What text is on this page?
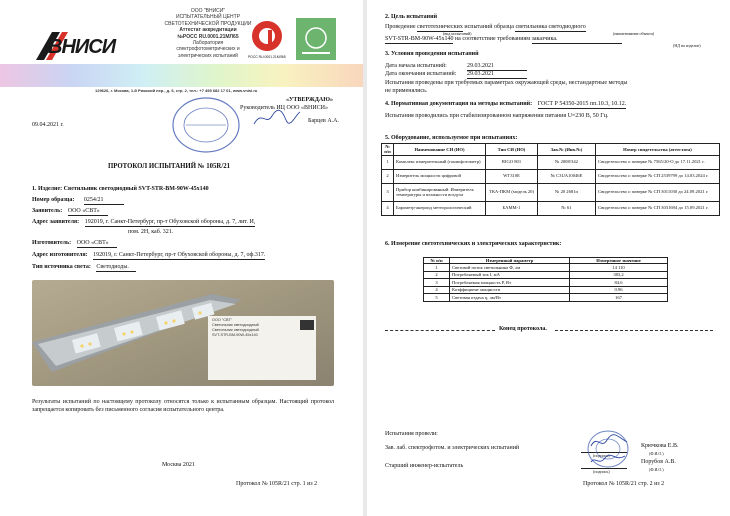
ВНИСИ
ООО "ВНИСИ"
ИСПЫТАТЕЛЬНЫЙ ЦЕНТР
СВЕТОТЕХНИЧЕСКОЙ ПРОДУКЦИИ
Аттестат аккредитации
№РОСС RU.0001.21МЛ65
Лаборатория
спектрофотометрических и
электрических испытаний	РОСС RU.0001.21МЛ65
129626, г. Москва, 1-й Рижский пер., д. 6, стр. 2, тел.: +7 495 682 17 01, www.vnisi.ru
«УТВЕРЖДАЮ»
Руководитель ИЦ ООО «ВНИСИ»
Барцев А.А.
09.04.2021 г.
ПРОТОКОЛ ИСПЫТАНИЙ № 105R/21
1. Изделие: Светильник светодиодный SVT-STR-BM-90W-45x140
Номер образца: 0254/21
Заявитель: ООО «СВТ»
Адрес заявителя: 192019, г. Санкт-Петербург, пр-т Обуховской обороны, д. 7, лит. И,
пом. 2Н, каб. 321.
Изготовитель: ООО «СВТ»
Адрес изготовителя: 192019, г. Санкт-Петербург, пр-т Обуховской обороны, д. 7, оф.317.
Тип источника света: Светодиоды.
ООО "СВТ"
Светильник светодиодный
Светильник светодиодный
SVT-STR-BM-90W-45x140
Результаты испытаний по настоящему протоколу относятся только к испытанным образцам. Настоящий протокол запрещается копировать без письменного согласия испытательного центра.
Москва 2021
Протокол № 105R/21 стр. 1 из 2
2. Цель испытаний
Проведение светотехнических испытаний образца светильника светодиодного
(вид испытаний)	(наименование объекта)
SVT-STR-BM-90W-45x140 на соответствие требованиям заказчика.
(НД на изделие)
3. Условия проведения испытаний
Дата начала испытаний:	29.03.2021
Дата окончания испытаний: 29.03.2021
Испытания проведены при требуемых параметрах окружающей среды, нестандартные методы
не применялись.
4. Нормативная документация на методы испытаний: ГОСТ Р 54350-2015 пп.10.3, 10.12.
Испытания проводились при стабилизированном напряжении питания U=230 В, 50 Гц.
5. Оборудование, используемое при испытаниях:
№ п/п	Наименование СИ (ИО)	Тип СИ (ИО)	Зав.№ (Инв.№)	Номер свидетельства (аттестата)
1	Комплекс измерительный (гониофотометр)	RIGO 801	№ 2008/342	Свидетельство о поверке № 7565/20-О до 17.11.2021 г.
2	Измеритель мощности цифровой	WT310E	№ C3UA10046E	Свидетельство о поверке № СП 2539799 до 14.03.2024 г.
3	Прибор комбинированный. Измеритель температуры и влажности воздуха	ТКА-ПКМ (модель 20)	№ 20 2681п	Свидетельство о поверке № СП 3011030 до 24.09.2021 г.
4	Барометр-анероид метеорологический	БАММ-1	№ 61	Свидетельство о поверке № СП 3031694 до 15.09.2021 г.
6. Измерение светотехнических и электрических характеристик:
№ п/п	Измеренный параметр	Измеренное значение
1	Световой поток светильника Ф, лм	14 110
2	Потребляемый ток I, мА	383,2
3	Потребляемая мощность P, Вт	84,6
4	Коэффициент мощности	0,96
5	Световая отдача η, лм/Вт	167
Конец протокола.
Испытания провели:
Зав. лаб. спектрофотом. и электрических испытаний
(подпись)
Крючкова Е.В.
(Ф.И.О.)
Старший инженер-испытатель
(подпись)
Порубов А.В.
(Ф.И.О.)
Протокол № 105R/21 стр. 2 из 2
